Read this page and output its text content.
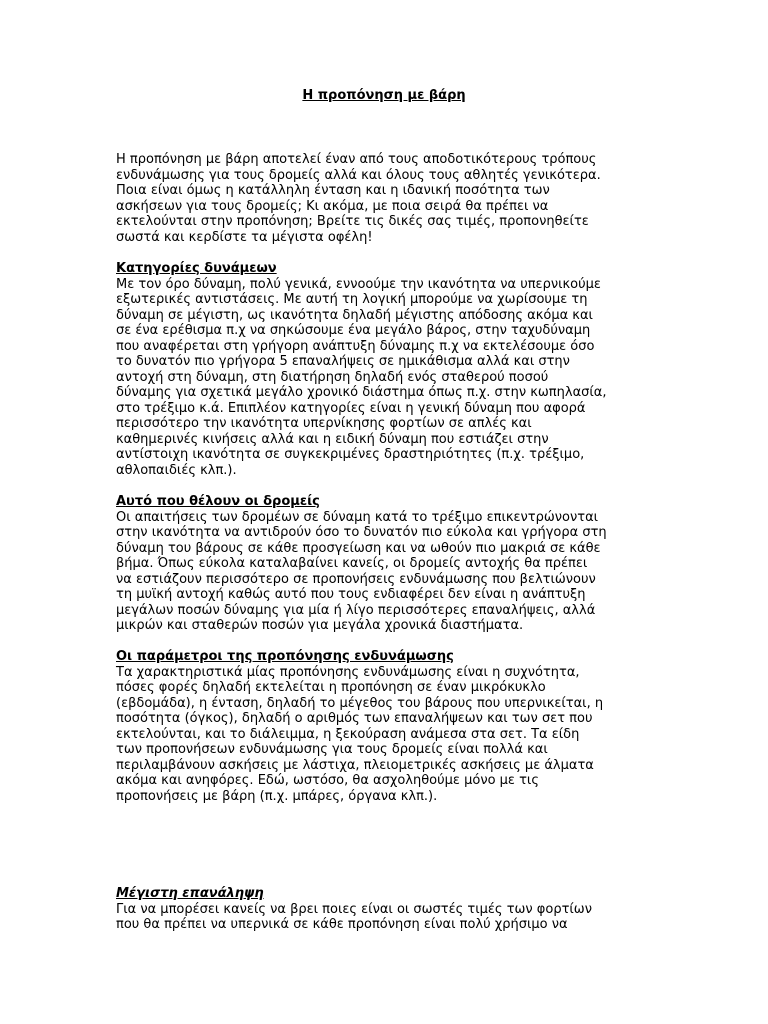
Η προπόνηση με βάρη
Η προπόνηση με βάρη αποτελεί έναν από τους αποδοτικότερους τρόπους
ενδυνάμωσης για τους δρομείς αλλά και όλους τους αθλητές γενικότερα.
Ποια είναι όμως η κατάλληλη ένταση και η ιδανική ποσότητα των
ασκήσεων για τους δρομείς; Κι ακόμα, με ποια σειρά θα πρέπει να
εκτελούνται στην προπόνηση; Βρείτε τις δικές σας τιμές, προπονηθείτε
σωστά και κερδίστε τα μέγιστα οφέλη!
Κατηγορίες δυνάμεων
Με τον όρο δύναμη, πολύ γενικά, εννοούμε την ικανότητα να υπερνικούμε
εξωτερικές αντιστάσεις. Με αυτή τη λογική μπορούμε να χωρίσουμε τη
δύναμη σε μέγιστη, ως ικανότητα δηλαδή μέγιστης απόδοσης ακόμα και
σε ένα ερέθισμα π.χ να σηκώσουμε ένα μεγάλο βάρος, στην ταχυδύναμη
που αναφέρεται στη γρήγορη ανάπτυξη δύναμης π.χ να εκτελέσουμε όσο
το δυνατόν πιο γρήγορα 5 επαναλήψεις σε ημικάθισμα αλλά και στην
αντοχή στη δύναμη, στη διατήρηση δηλαδή ενός σταθερού ποσού
δύναμης για σχετικά μεγάλο χρονικό διάστημα όπως π.χ. στην κωπηλασία,
στο τρέξιμο κ.ά. Επιπλέον κατηγορίες είναι η γενική δύναμη που αφορά
περισσότερο την ικανότητα υπερνίκησης φορτίων σε απλές και
καθημερινές κινήσεις αλλά και η ειδική δύναμη που εστιάζει στην
αντίστοιχη ικανότητα σε συγκεκριμένες δραστηριότητες (π.χ. τρέξιμο,
αθλοπαιδιές κλπ.).
Αυτό που θέλουν οι δρομείς
Οι απαιτήσεις των δρομέων σε δύναμη κατά το τρέξιμο επικεντρώνονται
στην ικανότητα να αντιδρούν όσο το δυνατόν πιο εύκολα και γρήγορα στη
δύναμη του βάρους σε κάθε προσγείωση και να ωθούν πιο μακριά σε κάθε
βήμα. Όπως εύκολα καταλαβαίνει κανείς, οι δρομείς αντοχής θα πρέπει
να εστιάζουν περισσότερο σε προπονήσεις ενδυνάμωσης που βελτιώνουν
τη μυϊκή αντοχή καθώς αυτό που τους ενδιαφέρει δεν είναι η ανάπτυξη
μεγάλων ποσών δύναμης για μία ή λίγο περισσότερες επαναλήψεις, αλλά
μικρών και σταθερών ποσών για μεγάλα χρονικά διαστήματα.
Οι παράμετροι της προπόνησης ενδυνάμωσης
Τα χαρακτηριστικά μίας προπόνησης ενδυνάμωσης είναι η συχνότητα,
πόσες φορές δηλαδή εκτελείται η προπόνηση σε έναν μικρόκυκλο
(εβδομάδα), η ένταση, δηλαδή το μέγεθος του βάρους που υπερνικείται, η
ποσότητα (όγκος), δηλαδή ο αριθμός των επαναλήψεων και των σετ που
εκτελούνται, και το διάλειμμα, η ξεκούραση ανάμεσα στα σετ. Τα είδη
των προπονήσεων ενδυνάμωσης για τους δρομείς είναι πολλά και
περιλαμβάνουν ασκήσεις με λάστιχα, πλειομετρικές ασκήσεις με άλματα
ακόμα και ανηφόρες. Εδώ, ωστόσο, θα ασχοληθούμε μόνο με τις
προπονήσεις με βάρη (π.χ. μπάρες, όργανα κλπ.).
Μέγιστη επανάληψη
Για να μπορέσει κανείς να βρει ποιες είναι οι σωστές τιμές των φορτίων
που θα πρέπει να υπερνικά σε κάθε προπόνηση είναι πολύ χρήσιμο να
